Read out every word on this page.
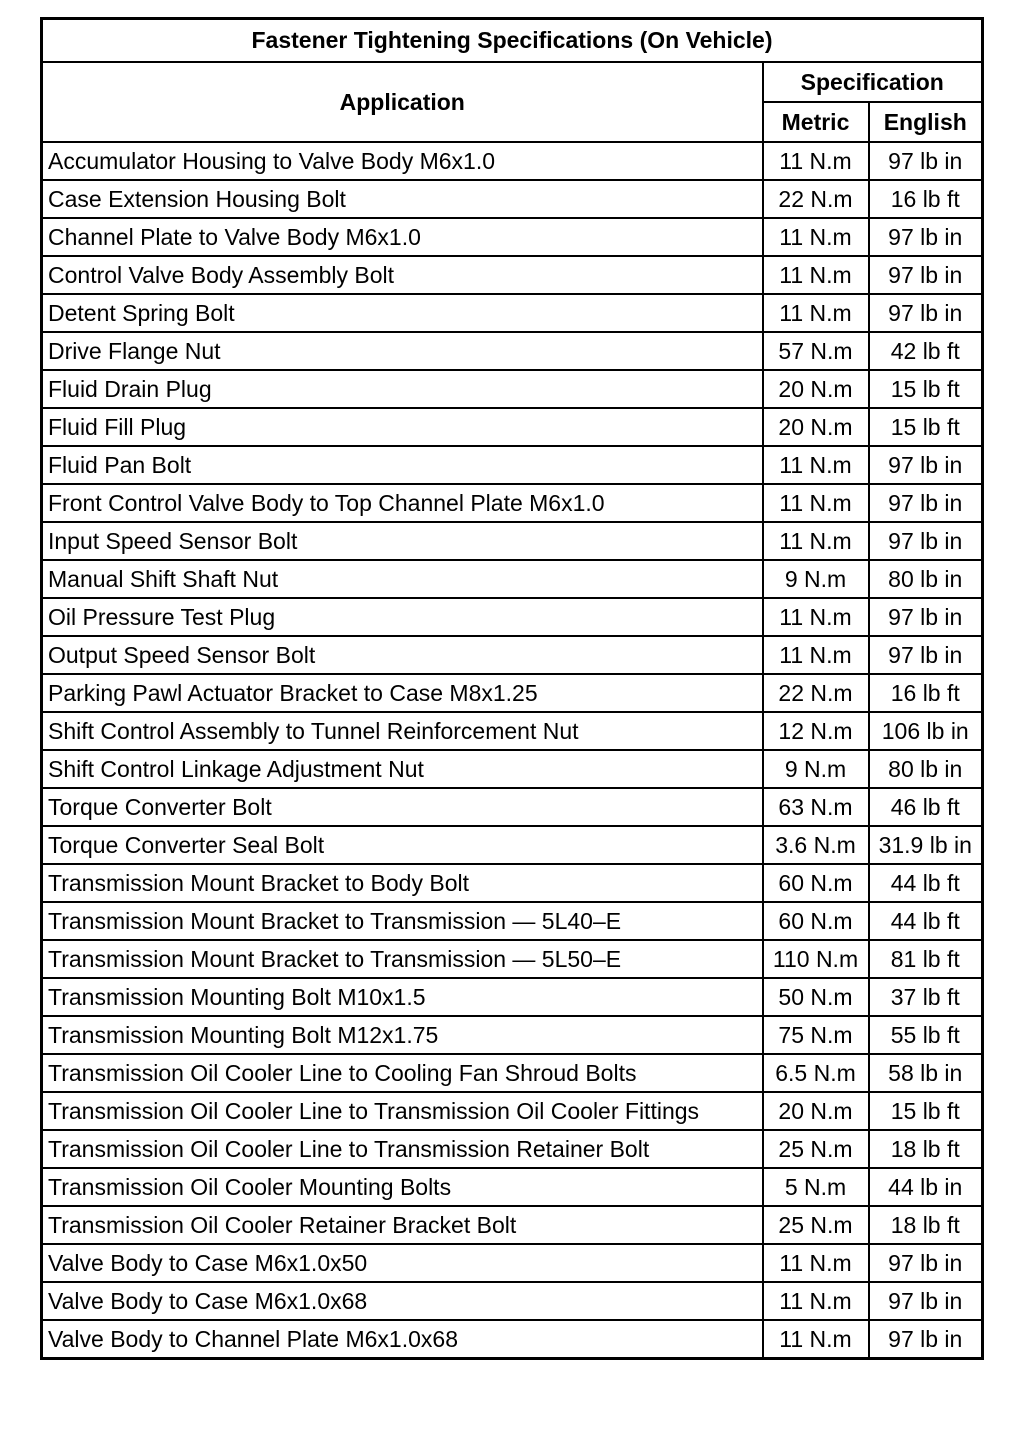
Fastener Tightening Specifications (On Vehicle)		
Application	Specification	
	Metric	English
Accumulator Housing to Valve Body M6x1.0	11 N.m	97 lb in
Case Extension Housing Bolt	22 N.m	16 lb ft
Channel Plate to Valve Body M6x1.0	11 N.m	97 lb in
Control Valve Body Assembly Bolt	11 N.m	97 lb in
Detent Spring Bolt	11 N.m	97 lb in
Drive Flange Nut	57 N.m	42 lb ft
Fluid Drain Plug	20 N.m	15 lb ft
Fluid Fill Plug	20 N.m	15 lb ft
Fluid Pan Bolt	11 N.m	97 lb in
Front Control Valve Body to Top Channel Plate M6x1.0	11 N.m	97 lb in
Input Speed Sensor Bolt	11 N.m	97 lb in
Manual Shift Shaft Nut	9 N.m	80 lb in
Oil Pressure Test Plug	11 N.m	97 lb in
Output Speed Sensor Bolt	11 N.m	97 lb in
Parking Pawl Actuator Bracket to Case M8x1.25	22 N.m	16 lb ft
Shift Control Assembly to Tunnel Reinforcement Nut	12 N.m	106 lb in
Shift Control Linkage Adjustment Nut	9 N.m	80 lb in
Torque Converter Bolt	63 N.m	46 lb ft
Torque Converter Seal Bolt	3.6 N.m	31.9 lb in
Transmission Mount Bracket to Body Bolt	60 N.m	44 lb ft
Transmission Mount Bracket to Transmission — 5L40–E	60 N.m	44 lb ft
Transmission Mount Bracket to Transmission — 5L50–E	110 N.m	81 lb ft
Transmission Mounting Bolt M10x1.5	50 N.m	37 lb ft
Transmission Mounting Bolt M12x1.75	75 N.m	55 lb ft
Transmission Oil Cooler Line to Cooling Fan Shroud Bolts	6.5 N.m	58 lb in
Transmission Oil Cooler Line to Transmission Oil Cooler Fittings	20 N.m	15 lb ft
Transmission Oil Cooler Line to Transmission Retainer Bolt	25 N.m	18 lb ft
Transmission Oil Cooler Mounting Bolts	5 N.m	44 lb in
Transmission Oil Cooler Retainer Bracket Bolt	25 N.m	18 lb ft
Valve Body to Case M6x1.0x50	11 N.m	97 lb in
Valve Body to Case M6x1.0x68	11 N.m	97 lb in
Valve Body to Channel Plate M6x1.0x68	11 N.m	97 lb in
